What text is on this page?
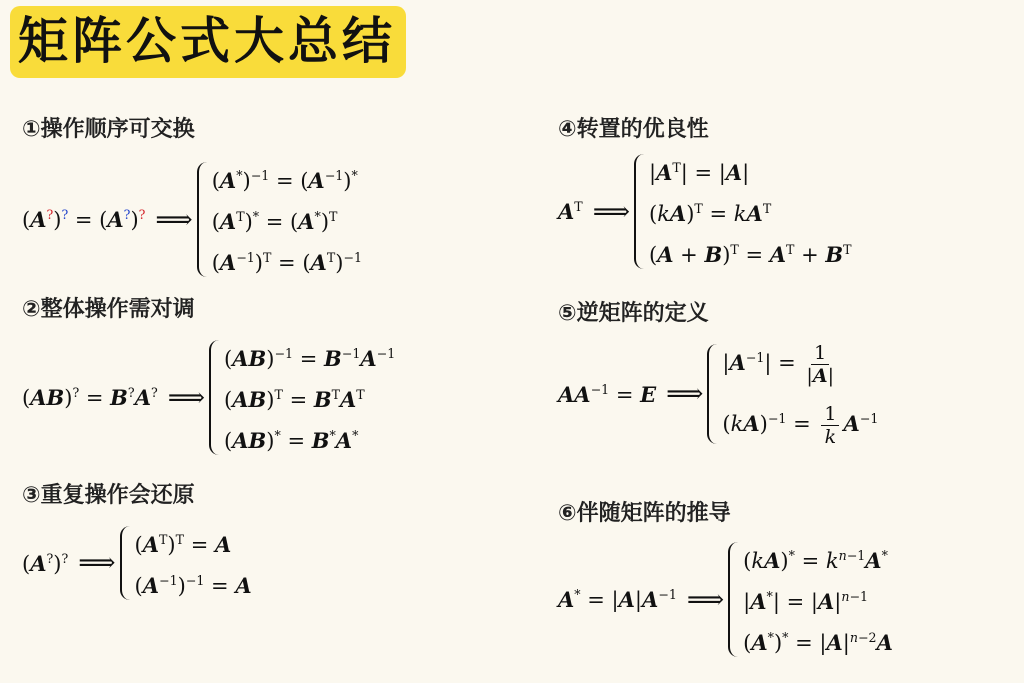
矩阵公式大总结
①操作顺序可交换
(A?)? = (A?)? ⟹
$(A^*)^{-1} = (A^{-1})^*$
$(A^T)^* = (A^*)^T$
$(A^{-1})^T = (A^T)^{-1}$
②整体操作需对调
(AB)? = B?A? ⟹
$(AB)^{-1} = B^{-1}A^{-1}$
$(AB)^T = B^TA^T$
(AB)* = B*A*
③重复操作会还原
(A?)? ⟹
$(A^T)^T = A$
$(A^{-1})^{-1} = A$
④转置的优良性
$A^T$ ⟹
$|A^T| = |A|$
$(kA)^T = kA^T$
$(A + B)^T = A^T + B^T$
⑤逆矩阵的定义
$AA^{-1} = E$ ⟹
$|A^{-1}| = \frac{1}{|A|}$
$(kA)^{-1} = \frac{1}{k} A^{-1}$
⑥伴随矩阵的推导
$A^* = |A|A^{-1}$ ⟹
$(kA)^* = k^{n-1}A^*$
$|A^*| = |A|^{n-1}$
$(A^*)^* = |A|^{n-2}A$
